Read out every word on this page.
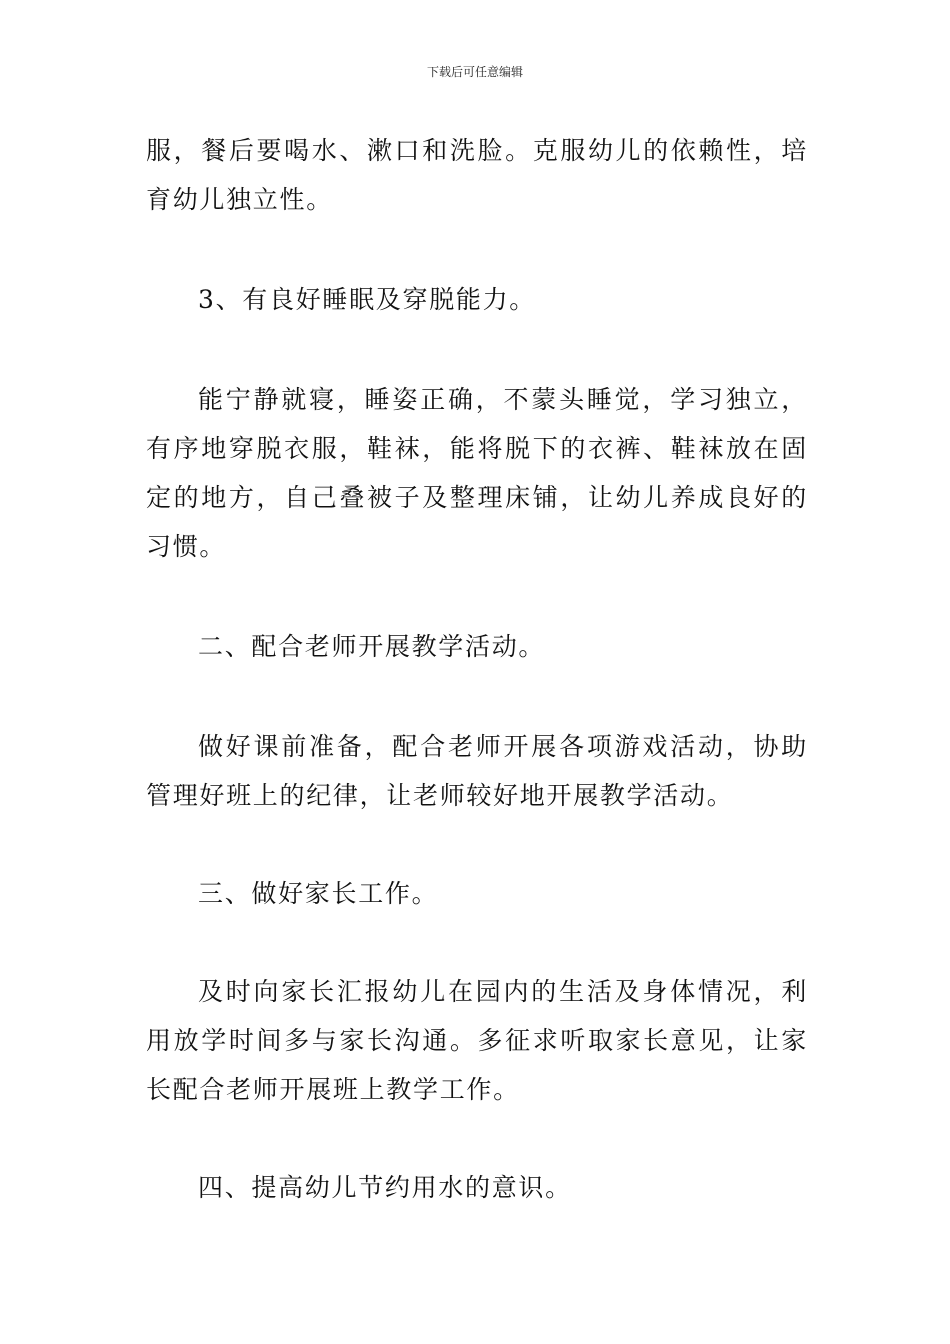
下载后可任意编辑

服，餐后要喝水、漱口和洗脸。克服幼儿的依赖性，培育幼儿独立性。

3、有良好睡眠及穿脱能力。

能宁静就寝，睡姿正确，不蒙头睡觉，学习独立，有序地穿脱衣服，鞋袜，能将脱下的衣裤、鞋袜放在固定的地方，自己叠被子及整理床铺，让幼儿养成良好的习惯。

二、配合老师开展教学活动。

做好课前准备，配合老师开展各项游戏活动，协助管理好班上的纪律，让老师较好地开展教学活动。

三、做好家长工作。

及时向家长汇报幼儿在园内的生活及身体情况，利用放学时间多与家长沟通。多征求听取家长意见，让家长配合老师开展班上教学工作。

四、提高幼儿节约用水的意识。
